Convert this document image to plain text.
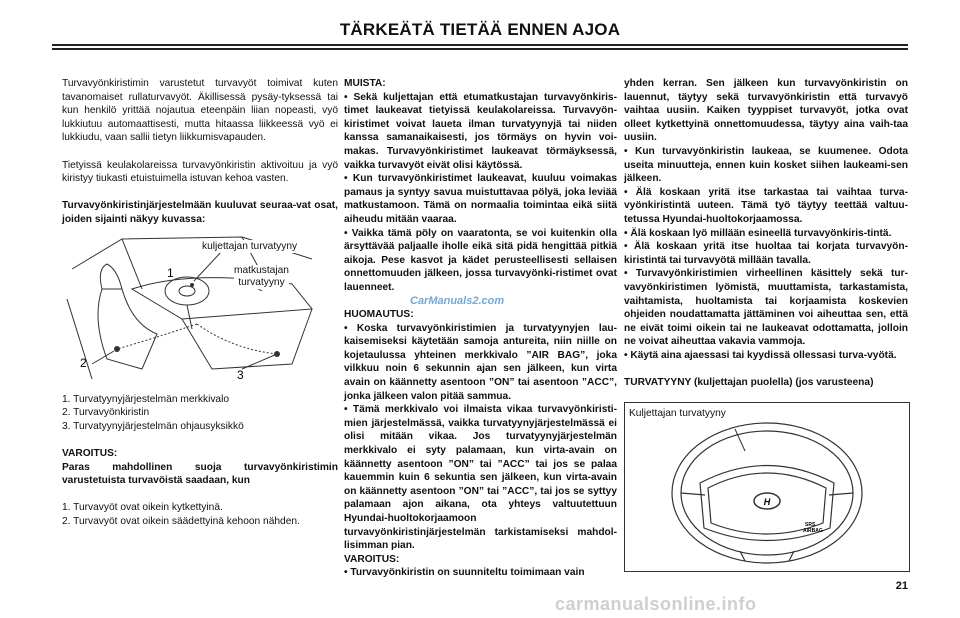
TÄRKEÄTÄ TIETÄÄ ENNEN AJOA

Turvavyönkiristimin varustetut turvavyöt toimivat kuten tavanomaiset rullaturvavyöt. Äkillisessä pysäy-tyksessä tai kun henkilö yrittää nojautua eteenpäin liian nopeasti, vyö lukkiutuu automaattisesti, mutta hitaassa liikkeessä vyö ei lukkiudu, vaan sallii tietyn liikkumisvapauden.

Tietyissä keulakolareissa turvavyönkiristin aktivoituu ja vyö kiristyy tiukasti etuistuimella istuvan kehoa vasten.

Turvavyönkiristinjärjestelmään kuuluvat seuraa-vat osat, joiden sijainti näkyy kuvassa:

2
3
1
kuljettajan turvatyyny
matkustajan
turvatyyny
1. Turvatyynyjärjestelmän merkkivalo
2. Turvavyönkiristin
3. Turvatyynyjärjestelmän ohjausyksikkö
VAROITUS:

Paras mahdollinen suoja turvavyönkiristimin varustetuista turvavöistä saadaan, kun

1. Turvavyöt ovat oikein kytkettyinä.
2. Turvavyöt ovat oikein säädettyinä kehoon nähden.
MUISTA:

• Sekä kuljettajan että etumatkustajan turvavyönkiris-timet laukeavat tietyissä keulakolareissa. Turvavyön-kiristimet voivat laueta ilman turvatyynyjä tai niiden kanssa samanaikaisesti, jos törmäys on hyvin voi-makas. Turvavyönkiristimet laukeavat törmäyksessä, vaikka turvavyöt eivät olisi käytössä.

• Kun turvavyönkiristimet laukeavat, kuuluu voimakas pamaus ja syntyy savua muistuttavaa pölyä, joka leviää matkustamoon. Tämä on normaalia toimintaa eikä siitä aiheudu mitään vaaraa.

• Vaikka tämä pöly on vaaratonta, se voi kuitenkin olla ärsyttävää paljaalle iholle eikä sitä pidä hengittää pitkiä aikoja. Pese kasvot ja kädet perusteellisesti sellaisen onnettomuuden jälkeen, jossa turvavyönki-ristimet ovat lauenneet.

HUOMAUTUS:

• Koska turvavyönkiristimien ja turvatyynyjen lau-kaisemiseksi käytetään samoja antureita, niin niille on kojetaulussa yhteinen merkkivalo ”AIR BAG”, joka vilkkuu noin 6 sekunnin ajan sen jälkeen, kun virta avain on käännetty asentoon ”ON” tai asentoon ”ACC”, jonka jälkeen valon pitää sammua.

• Tämä merkkivalo voi ilmaista vikaa turvavyönkiristi-mien järjestelmässä, vaikka turvatyynyjärjestelmässä ei olisi mitään vikaa. Jos turvatyynyjärjestelmän merkkivalo ei syty palamaan, kun virta-avain on käännetty asentoon ”ON” tai ”ACC” tai jos se palaa kauemmin kuin 6 sekuntia sen jälkeen, kun virta-avain on käännetty asentoon ”ON” tai ”ACC”, tai jos se syttyy palamaan ajon aikana, ota yhteys valtuutettuun Hyundai-huoltokorjaamoon turvavyönkiristinjärjestelmän tarkistamiseksi mahdol-lisimman pian.

VAROITUS:

• Turvavyönkiristin on suunniteltu toimimaan vain

yhden kerran. Sen jälkeen kun turvavyönkiristin on lauennut, täytyy sekä turvavyönkiristin että turvavyö vaihtaa uusiin. Kaiken tyyppiset turvavyöt, jotka ovat olleet kytkettyinä onnettomuudessa, täytyy aina vaih-taa uusiin.

• Kun turvavyönkiristin laukeaa, se kuumenee. Odota useita minuutteja, ennen kuin kosket siihen laukeami-sen jälkeen.

• Älä koskaan yritä itse tarkastaa tai vaihtaa turva-vyönkiristintä uuteen. Tämä työ täytyy teettää valtuu-tetussa Hyundai-huoltokorjaamossa.

• Älä koskaan lyö millään esineellä turvavyönkiris-tintä.

• Älä koskaan yritä itse huoltaa tai korjata turvavyön-kiristintä tai turvavyötä millään tavalla.

• Turvavyönkiristimien virheellinen käsittely sekä tur-vavyönkiristimen lyömistä, muuttamista, tarkastamista, vaihtamista, huoltamista tai korjaamista koskevien ohjeiden noudattamatta jättäminen voi aiheuttaa sen, että ne eivät toimi oikein tai ne laukeavat odottamatta, jolloin ne voivat aiheuttaa vakavia vammoja.

• Käytä aina ajaessasi tai kyydissä ollessasi turva-vyötä.

TURVATYYNY (kuljettajan puolella) (jos varusteena)
H
SRS
AIRBAG
Kuljettajan turvatyyny
CarManuals2.com
21
carmanualsonline.info
